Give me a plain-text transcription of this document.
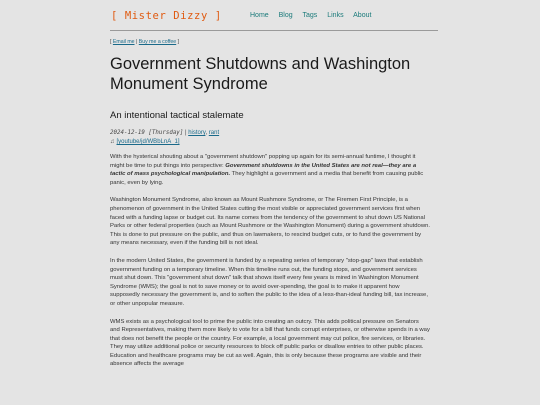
[ Mister Dizzy ]	Home Blog Tags Links About
[ Email me | Buy me a coffee ]
Government Shutdowns and Washington Monument Syndrome
An intentional tactical stalemate
2024-12-19 [Thursday] | history, rant
♫ [youtube/jd/WBbLnA_1]

With the hysterical shouting about a "government shutdown" popping up again for its semi-annual funtime, I thought it might be time to put things into perspective: Government shutdowns in the United States are not real—they are a tactic of mass psychological manipulation. They highlight a government and a media that benefit from causing public panic, even by lying.

Washington Monument Syndrome, also known as Mount Rushmore Syndrome, or The Firemen First Principle, is a phenomenon of government in the United States cutting the most visible or appreciated government services first when faced with a funding lapse or budget cut. Its name comes from the tendency of the government to shut down US National Parks or other federal properties (such as Mount Rushmore or the Washington Monument) during a government shutdown. This is done to put pressure on the public, and thus on lawmakers, to rescind budget cuts, or to fund the government by any means necessary, even if the funding bill is not ideal.

In the modern United States, the government is funded by a repeating series of temporary "stop-gap" laws that establish government funding on a temporary timeline. When this timeline runs out, the funding stops, and government services must shut down. This "government shut down" talk that shows itself every few years is mired in Washington Monument Syndrome (WMS); the goal is not to save money or to avoid over-spending, the goal is to make it apparent how supposedly necessary the government is, and to soften the public to the idea of a less-than-ideal funding bill, tax increase, or other unpopular measure.

WMS exists as a psychological tool to prime the public into creating an outcry. This adds political pressure on Senators and Representatives, making them more likely to vote for a bill that funds corrupt enterprises, or otherwise spends in a way that does not benefit the people or the country. For example, a local government may cut police, fire services, or libraries. They may utilize additional police or security resources to block off public parks or disallow entries to other public places. Education and healthcare programs may be cut as well. Again, this is only because these programs are visible and their absence affects the average
